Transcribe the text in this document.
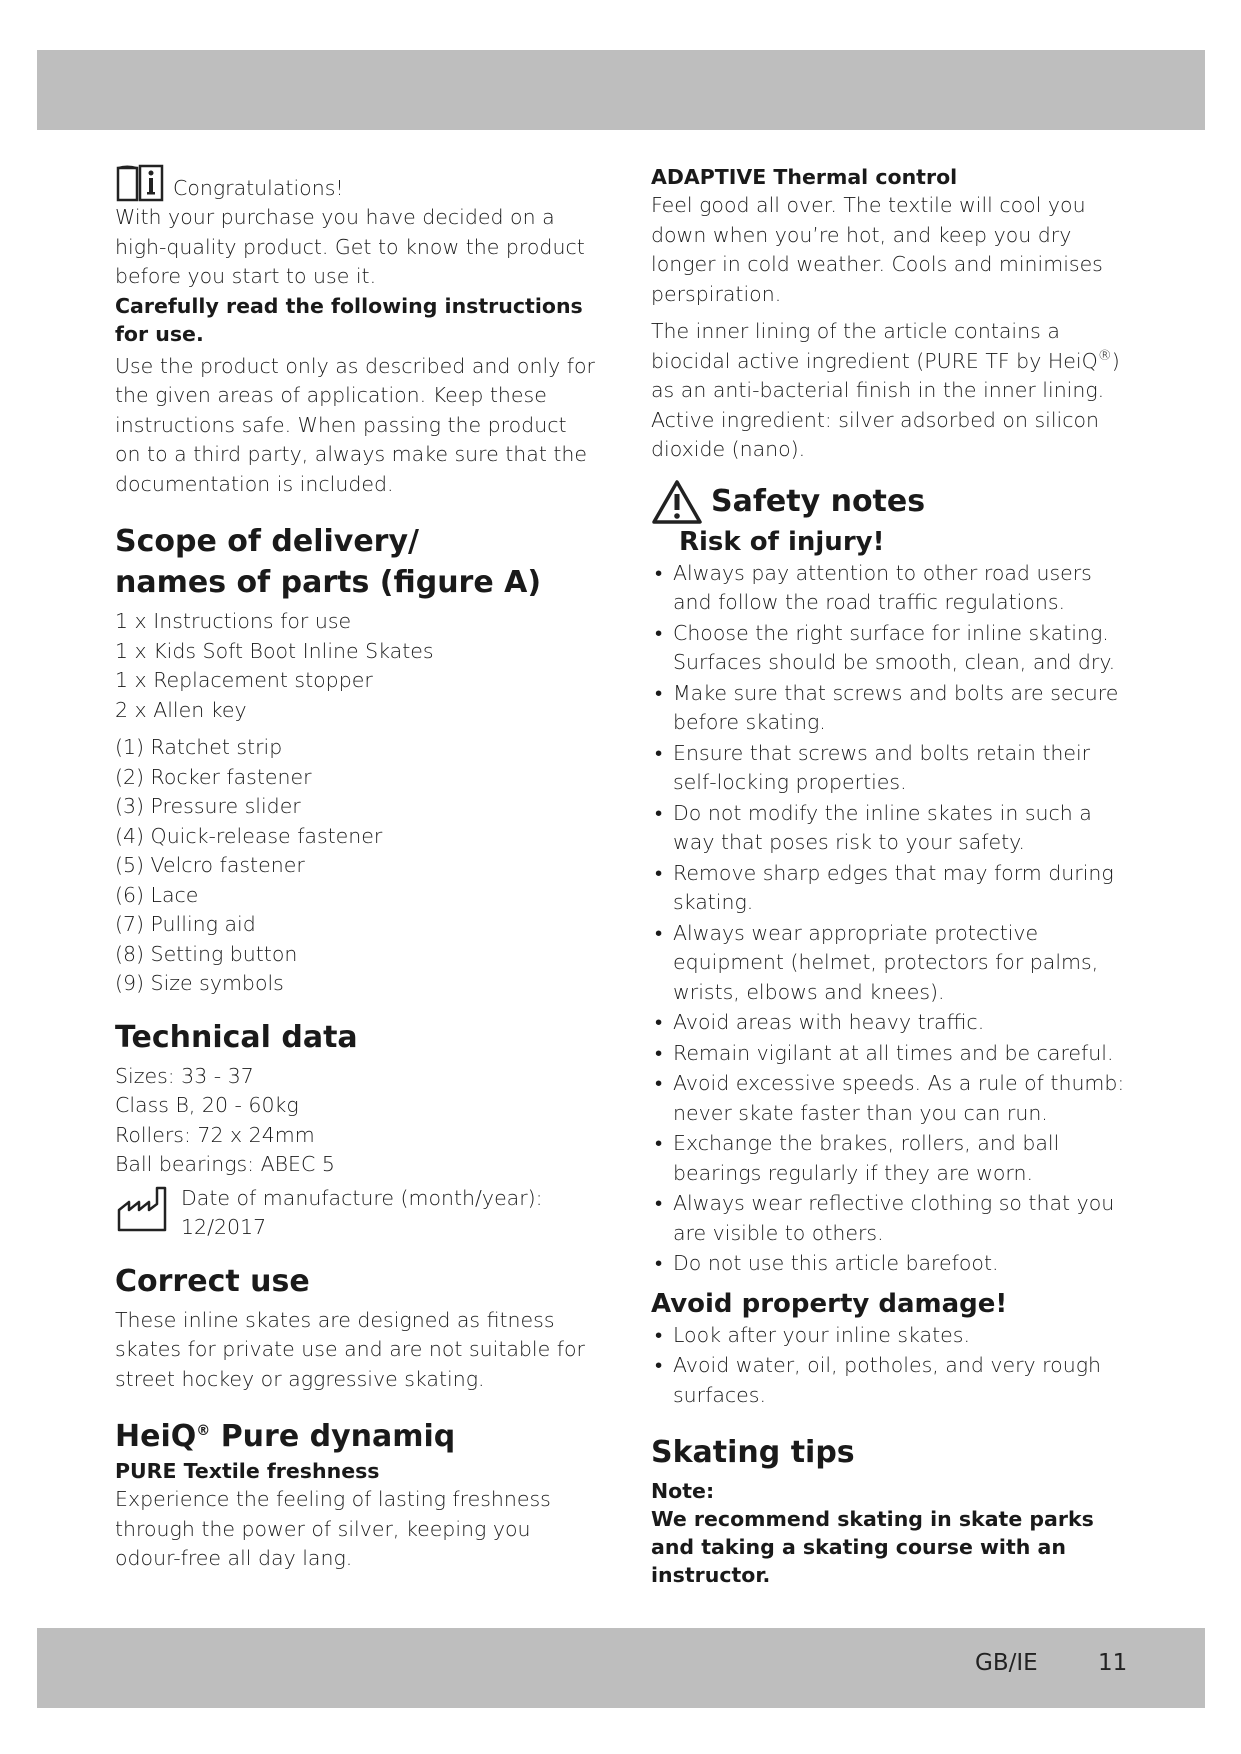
Congratulations!

With your purchase you have decided on a high-quality product. Get to know the product before you start to use it.

Carefully read the following instructions for use.

Use the product only as described and only for the given areas of application. Keep these instructions safe. When passing the product on to a third party, always make sure that the documentation is included.

Scope of delivery/

names of parts (figure A)

1 x Instructions for use

1 x Kids Soft Boot Inline Skates

1 x Replacement stopper

2 x Allen key

(1) Ratchet strip

(2) Rocker fastener

(3) Pressure slider

(4) Quick-release fastener

(5) Velcro fastener

(6) Lace

(7) Pulling aid

(8) Setting button

(9) Size symbols

Technical data

Sizes: 33 - 37

Class B, 20 - 60kg

Rollers: 72 x 24mm

Ball bearings: ABEC 5

Date of manufacture (month/year):

12/2017

Correct use

These inline skates are designed as fitness skates for private use and are not suitable for street hockey or aggressive skating.

HeiQ® Pure dynamiq

PURE Textile freshness

Experience the feeling of lasting freshness through the power of silver, keeping you odour-free all day lang.

ADAPTIVE Thermal control

Feel good all over. The textile will cool you down when you’re hot, and keep you dry longer in cold weather. Cools and minimises perspiration.

The inner lining of the article contains a biocidal active ingredient (PURE TF by HeiQ®) as an anti-bacterial finish in the inner lining.

Active ingredient: silver adsorbed on silicon dioxide (nano).

Safety notes

Risk of injury!

• Always pay attention to other road users and follow the road traffic regulations.
• Choose the right surface for inline skating. Surfaces should be smooth, clean, and dry.
• Make sure that screws and bolts are secure before skating.
• Ensure that screws and bolts retain their self-locking properties.
• Do not modify the inline skates in such a way that poses risk to your safety.
• Remove sharp edges that may form during skating.
• Always wear appropriate protective equipment (helmet, protectors for palms, wrists, elbows and knees).
• Avoid areas with heavy traffic.
• Remain vigilant at all times and be careful.
• Avoid excessive speeds. As a rule of thumb: never skate faster than you can run.
• Exchange the brakes, rollers, and ball bearings regularly if they are worn.
• Always wear reflective clothing so that you are visible to others.
• Do not use this article barefoot.

Avoid property damage!

• Look after your inline skates.
• Avoid water, oil, potholes, and very rough surfaces.

Skating tips

Note:

We recommend skating in skate parks and taking a skating course with an instructor.

GB/IE	11
